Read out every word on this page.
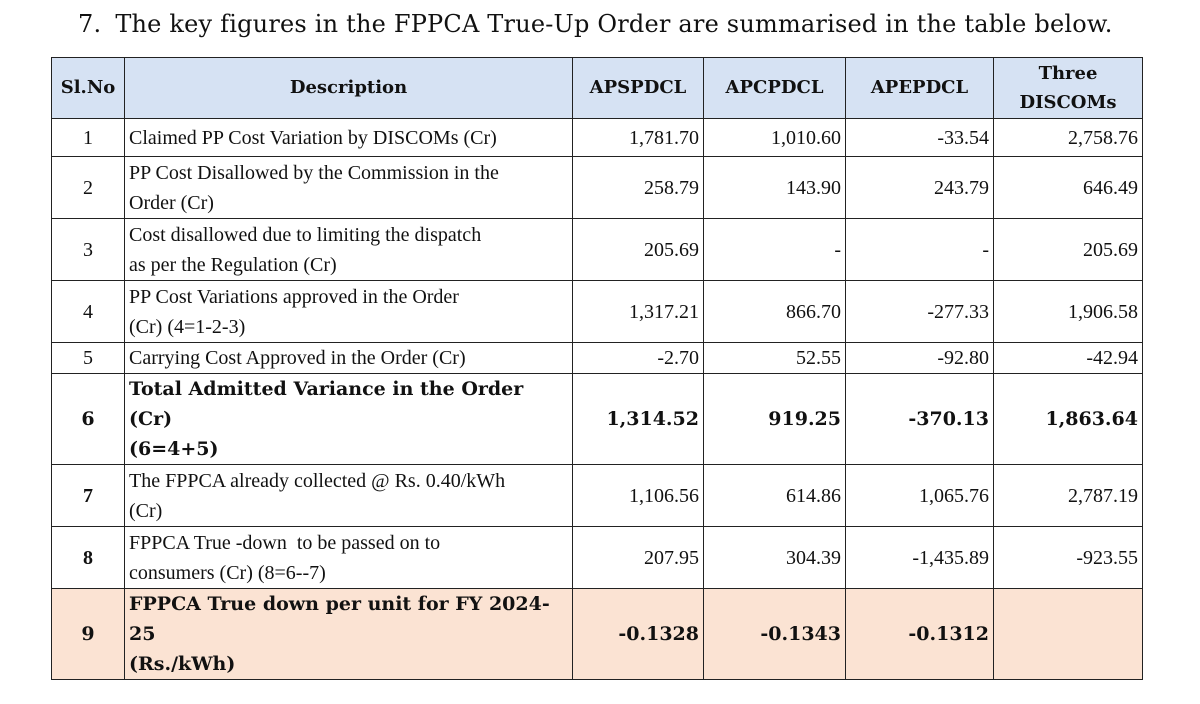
7. The key figures in the FPPCA True-Up Order are summarised in the table below.
Sl.No	Description	APSPDCL	APCPDCL	APEPDCL	Three
DISCOMs
1	Claimed PP Cost Variation by DISCOMs (Cr)	1,781.70	1,010.60	-33.54	2,758.76
2	PP Cost Disallowed by the Commission in the
Order (Cr)	258.79	143.90	243.79	646.49
3	Cost disallowed due to limiting the dispatch
as per the Regulation (Cr)	205.69	-	-	205.69
4	PP Cost Variations approved in the Order
(Cr) (4=1-2-3)	1,317.21	866.70	-277.33	1,906.58
5	Carrying Cost Approved in the Order (Cr)	-2.70	52.55	-92.80	-42.94
6	Total Admitted Variance in the Order (Cr)
(6=4+5)	1,314.52	919.25	-370.13	1,863.64
7	The FPPCA already collected @ Rs. 0.40/kWh
(Cr)	1,106.56	614.86	1,065.76	2,787.19
8	FPPCA True -down  to be passed on to
consumers (Cr) (8=6--7)	207.95	304.39	-1,435.89	-923.55
9	FPPCA True down per unit for FY 2024-25
(Rs./kWh)	-0.1328	-0.1343	-0.1312	
